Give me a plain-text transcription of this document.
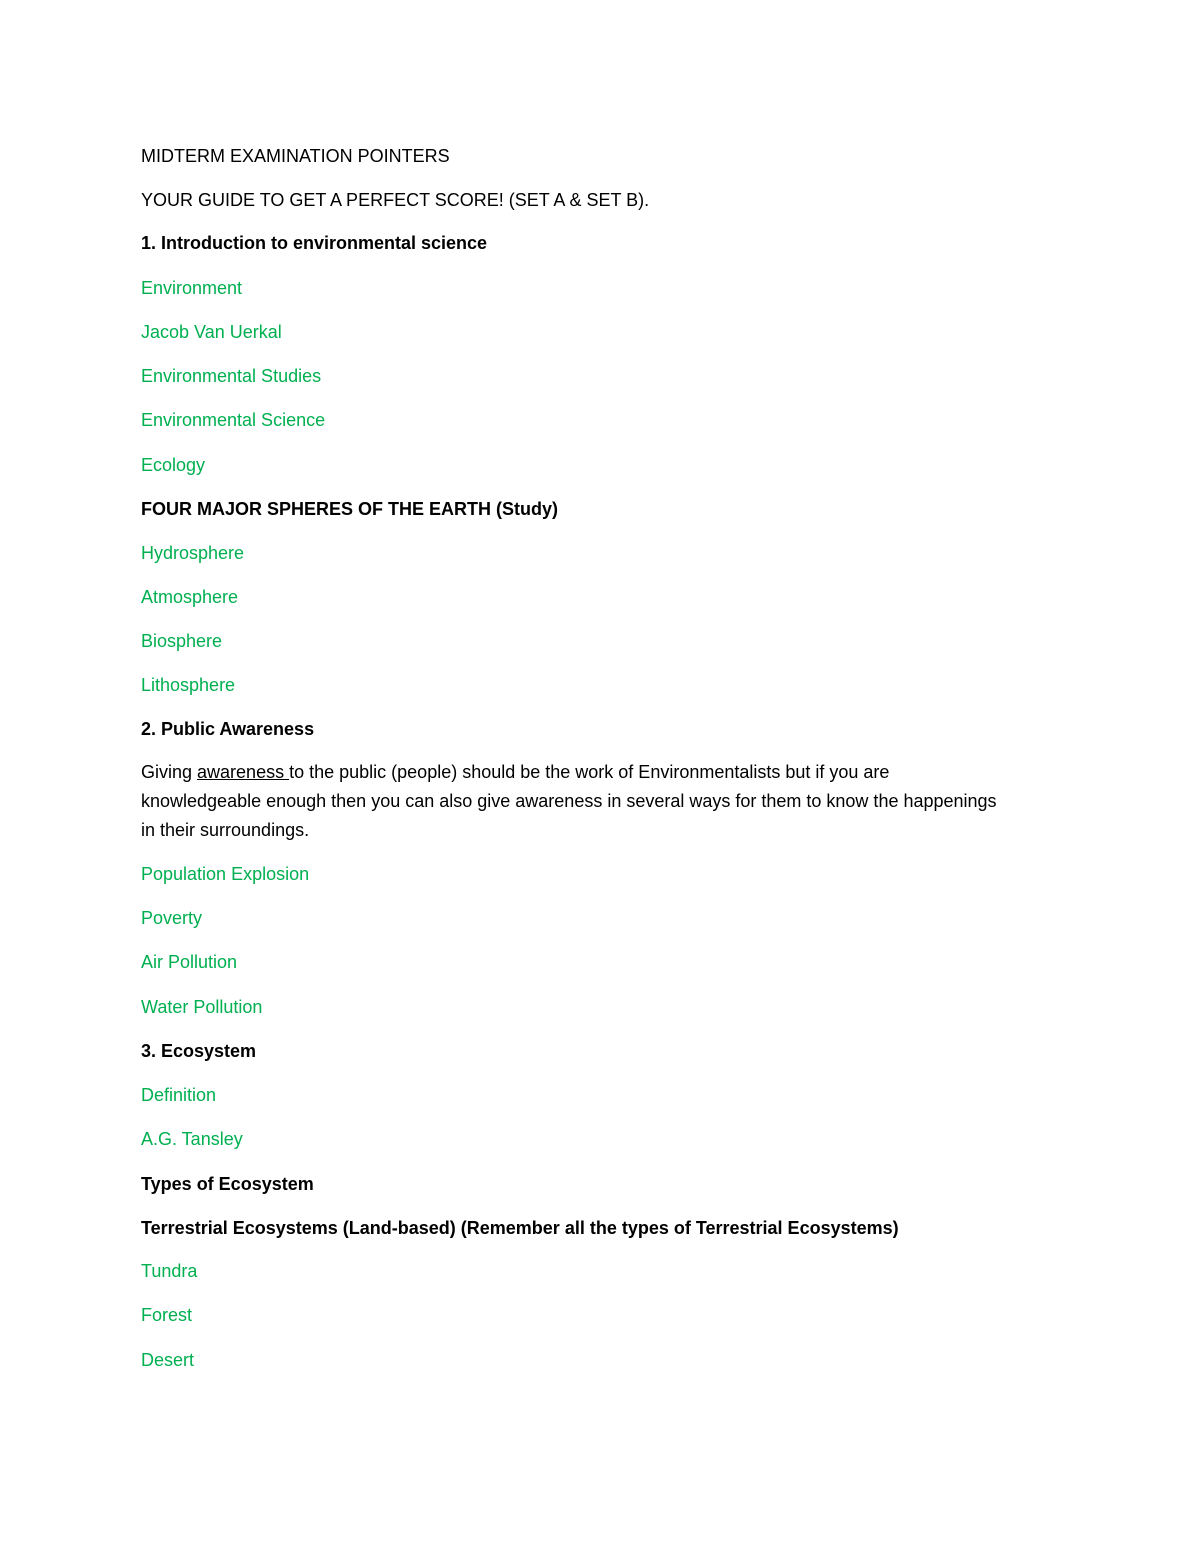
MIDTERM EXAMINATION POINTERS
YOUR GUIDE TO GET A PERFECT SCORE! (SET A & SET B).
1. Introduction to environmental science
Environment
Jacob Van Uerkal
Environmental Studies
Environmental Science
Ecology
FOUR MAJOR SPHERES OF THE EARTH (Study)
Hydrosphere
Atmosphere
Biosphere
Lithosphere
2. Public Awareness
Giving awareness to the public (people) should be the work of Environmentalists but if you are knowledgeable enough then you can also give awareness in several ways for them to know the happenings in their surroundings.
Population Explosion
Poverty
Air Pollution
Water Pollution
3. Ecosystem
Definition
A.G. Tansley
Types of Ecosystem
Terrestrial Ecosystems (Land-based) (Remember all the types of Terrestrial Ecosystems)
Tundra
Forest
Desert
